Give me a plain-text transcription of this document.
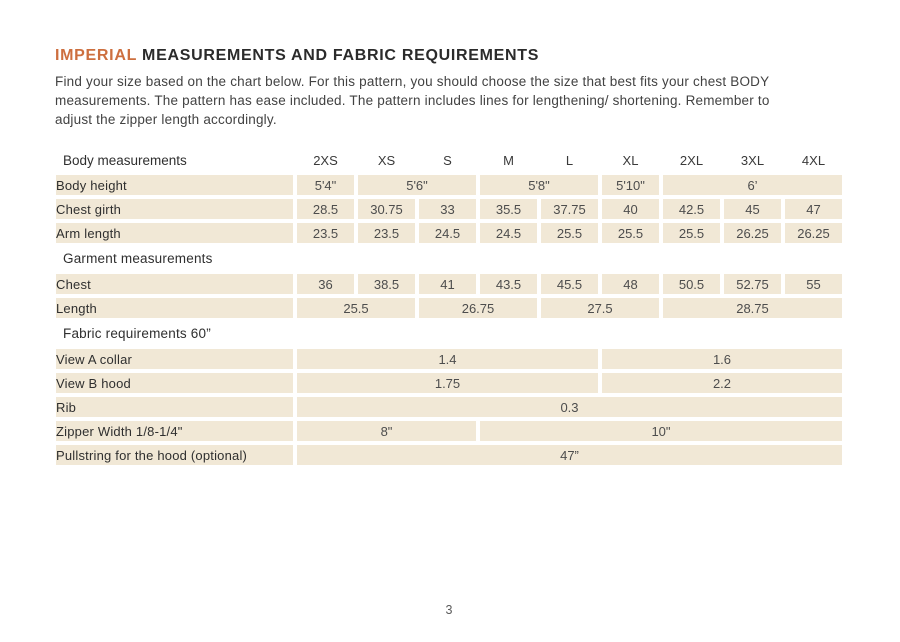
IMPERIAL MEASUREMENTS AND FABRIC REQUIREMENTS
Find your size based on the chart below. For this pattern, you should choose the size that best fits your chest BODY
measurements. The pattern has ease included. The pattern includes lines for lengthening/ shortening. Remember to
adjust the zipper length accordingly.
Body measurements	2XS	XS	S	M	L	XL	2XL	3XL	4XL
Body height	5'4"	5'6"		5'8"		5'10"	6’		
Chest girth	28.5	30.75	33	35.5	37.75	40	42.5	45	47
Arm length	23.5	23.5	24.5	24.5	25.5	25.5	25.5	26.25	26.25
Garment measurements									
Chest	36	38.5	41	43.5	45.5	48	50.5	52.75	55
Length	25.5		26.75		27.5		28.75		
Fabric requirements 60”									
View A collar	1.4					1.6			
View B hood	1.75					2.2			
Rib	0.3								
Zipper Width 1/8-1/4"	8"			10"					
Pullstring for the hood (optional)	47”								
3
